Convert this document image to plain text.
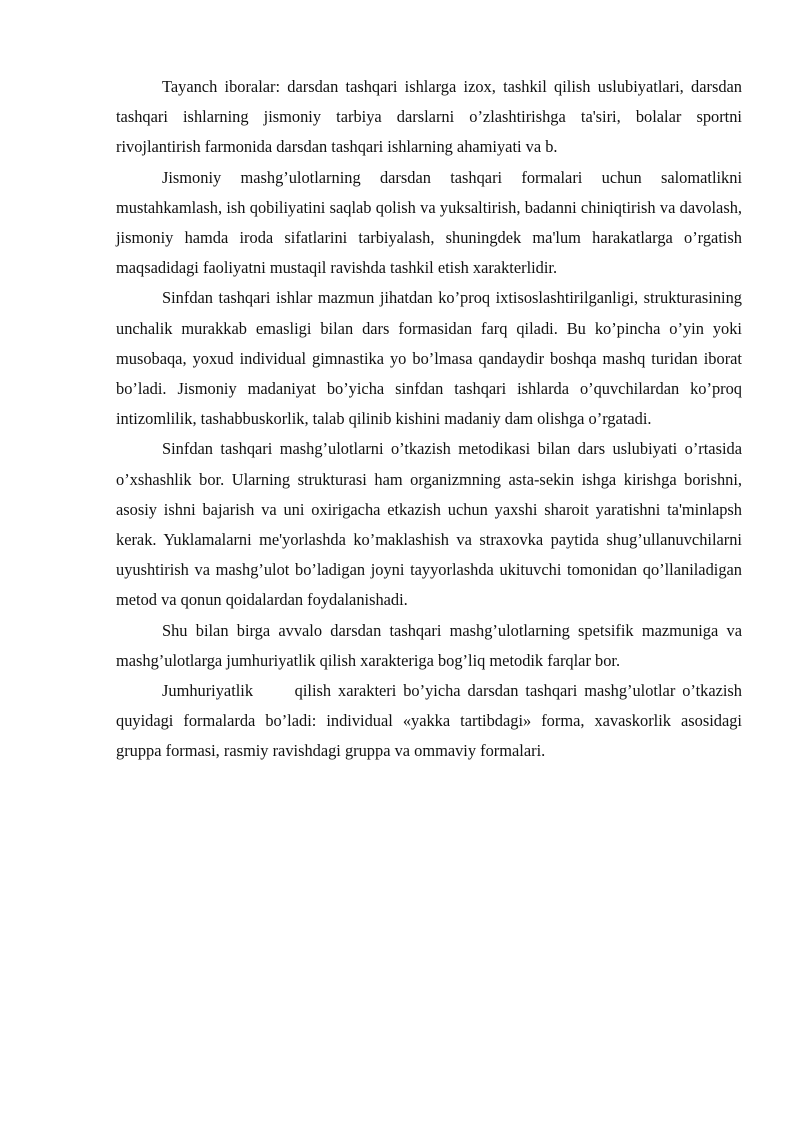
Tayanch iboralar: darsdan tashqari ishlarga izox, tashkil qilish uslubiyatlari, darsdan tashqari ishlarning jismoniy tarbiya darslarni o’zlashtirishga ta'siri, bolalar sportni rivojlantirish farmonida darsdan tashqari ishlarning ahamiyati va b.

Jismoniy mashg’ulotlarning darsdan tashqari formalari uchun salomatlikni mustahkamlash, ish qobiliyatini saqlab qolish va yuksaltirish, badanni chiniqtirish va davolash, jismoniy hamda iroda sifatlarini tarbiyalash, shuningdek ma'lum harakatlarga o’rgatish maqsadidagi faoliyatni mustaqil ravishda tashkil etish xarakterlidir.

Sinfdan tashqari ishlar mazmun jihatdan ko’proq ixtisoslashtirilganligi, strukturasining unchalik murakkab emasligi bilan dars formasidan farq qiladi. Bu ko’pincha o’yin yoki musobaqa, yoxud individual gimnastika yo bo’lmasa qandaydir boshqa mashq turidan iborat bo’ladi. Jismoniy madaniyat bo’yicha sinfdan tashqari ishlarda o’quvchilardan ko’proq intizomlilik, tashabbuskorlik, talab qilinib kishini madaniy dam olishga o’rgatadi.

Sinfdan tashqari mashg’ulotlarni o’tkazish metodikasi bilan dars uslubiyati o’rtasida o’xshashlik bor. Ularning strukturasi ham organizmning asta-sekin ishga kirishga borishni, asosiy ishni bajarish va uni oxirigacha etkazish uchun yaxshi sharoit yaratishni ta'minlapsh kerak. Yuklamalarni me'yorlashda ko’maklashish va straxovka paytida shug’ullanuvchilarni uyushtirish va mashg’ulot bo’ladigan joyni tayyorlashda ukituvchi tomonidan qo’llaniladigan metod va qonun qoidalardan foydalanishadi.

Shu bilan birga avvalo darsdan tashqari mashg’ulotlarning spetsifik mazmuniga va mashg’ulotlarga jumhuriyatlik qilish xarakteriga bog’liq metodik farqlar bor.

Jumhuriyatlik      qilish xarakteri bo’yicha darsdan tashqari mashg’ulotlar o’tkazish quyidagi formalarda bo’ladi: individual «yakka tartibdagi» forma, xavaskorlik asosidagi gruppa formasi, rasmiy ravishdagi gruppa va ommaviy formalari.
